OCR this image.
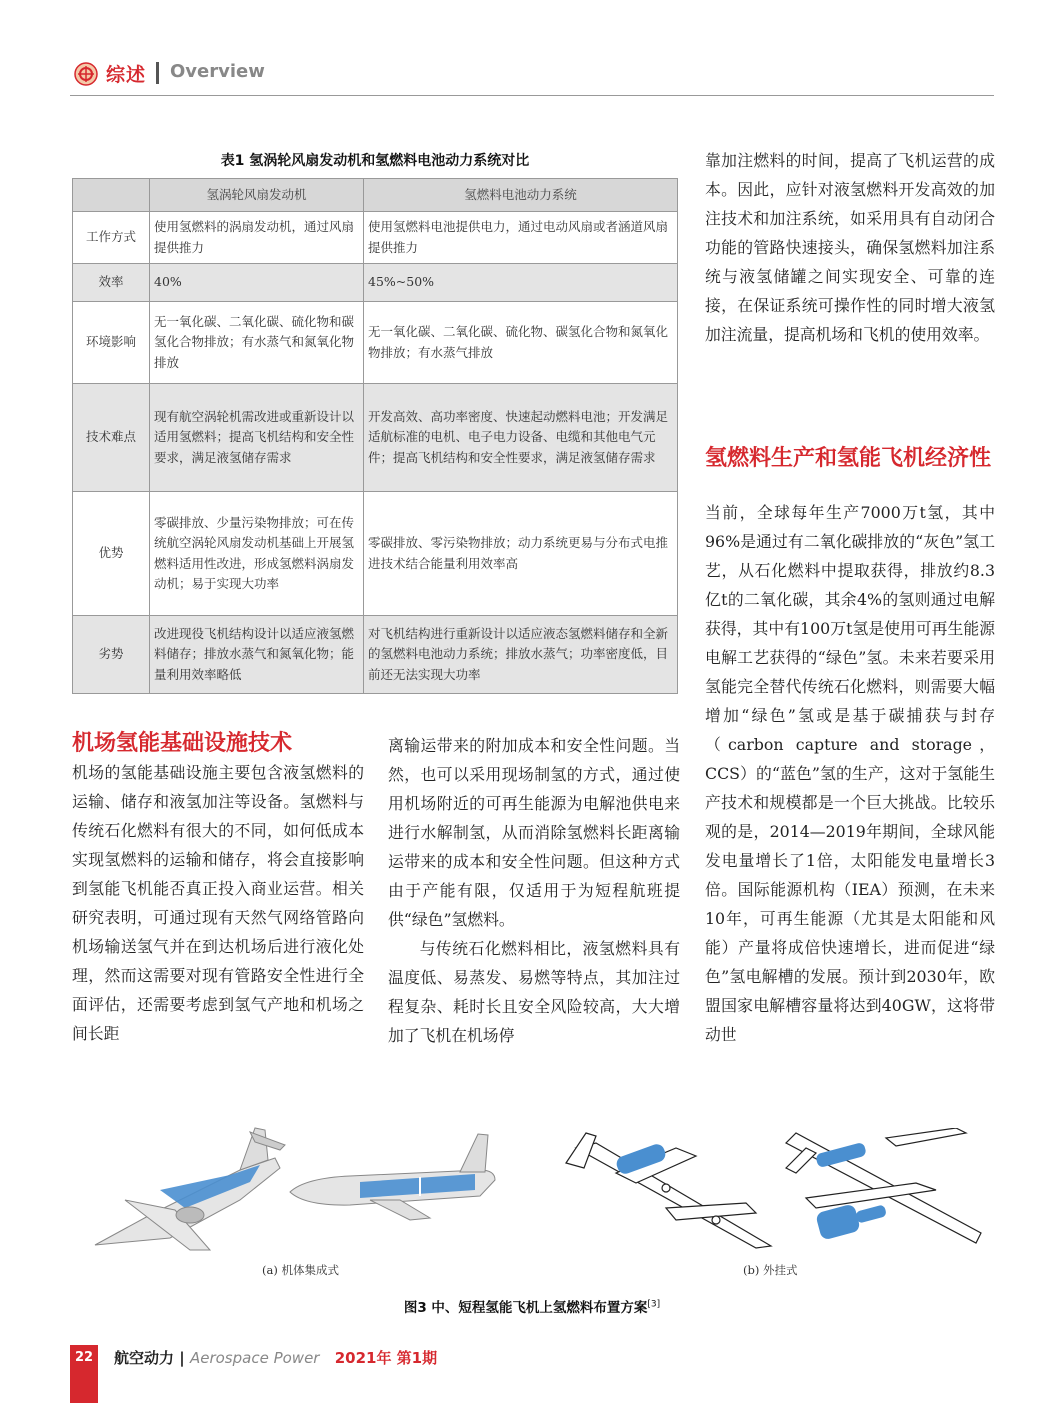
综述 Overview
表1 氢涡轮风扇发动机和氢燃料电池动力系统对比
	氢涡轮风扇发动机	氢燃料电池动力系统
工作方式	使用氢燃料的涡扇发动机，通过风扇提供推力	使用氢燃料电池提供电力，通过电动风扇或者涵道风扇提供推力
效率	40%	45%~50%
环境影响	无一氧化碳、二氧化碳、硫化物和碳氢化合物排放；有水蒸气和氮氧化物排放	无一氧化碳、二氧化碳、硫化物、碳氢化合物和氮氧化物排放；有水蒸气排放
技术难点	现有航空涡轮机需改进或重新设计以适用氢燃料；提高飞机结构和安全性要求，满足液氢储存需求	开发高效、高功率密度、快速起动燃料电池；开发满足适航标准的电机、电子电力设备、电缆和其他电气元件；提高飞机结构和安全性要求，满足液氢储存需求
优势	零碳排放、少量污染物排放；可在传统航空涡轮风扇发动机基础上开展氢燃料适用性改进，形成氢燃料涡扇发动机；易于实现大功率	零碳排放、零污染物排放；动力系统更易与分布式电推进技术结合能量利用效率高
劣势	改进现役飞机结构设计以适应液氢燃料储存；排放水蒸气和氮氧化物；能量利用效率略低	对飞机结构进行重新设计以适应液态氢燃料储存和全新的氢燃料电池动力系统；排放水蒸气；功率密度低，目前还无法实现大功率
机场氢能基础设施技术

机场的氢能基础设施主要包含液氢燃料的运输、储存和液氢加注等设备。氢燃料与传统石化燃料有很大的不同，如何低成本实现氢燃料的运输和储存，将会直接影响到氢能飞机能否真正投入商业运营。相关研究表明，可通过现有天然气网络管路向机场输送氢气并在到达机场后进行液化处理，然而这需要对现有管路安全性进行全面评估，还需要考虑到氢气产地和机场之间长距

离输运带来的附加成本和安全性问题。当然，也可以采用现场制氢的方式，通过使用机场附近的可再生能源为电解池供电来进行水解制氢，从而消除氢燃料长距离输运带来的成本和安全性问题。但这种方式由于产能有限，仅适用于为短程航班提供“绿色”氢燃料。

与传统石化燃料相比，液氢燃料具有温度低、易蒸发、易燃等特点，其加注过程复杂、耗时长且安全风险较高，大大增加了飞机在机场停

靠加注燃料的时间，提高了飞机运营的成本。因此，应针对液氢燃料开发高效的加注技术和加注系统，如采用具有自动闭合功能的管路快速接头，确保氢燃料加注系统与液氢储罐之间实现安全、可靠的连接，在保证系统可操作性的同时增大液氢加注流量，提高机场和飞机的使用效率。

氢燃料生产和氢能飞机经济性

当前，全球每年生产7000万t氢，其中96%是通过有二氧化碳排放的“灰色”氢工艺，从石化燃料中提取获得，排放约8.3亿t的二氧化碳，其余4%的氢则通过电解获得，其中有100万t氢是使用可再生能源电解工艺获得的“绿色”氢。未来若要采用氢能完全替代传统石化燃料，则需要大幅增加“绿色”氢或是基于碳捕获与封存（carbon capture and storage，CCS）的“蓝色”氢的生产，这对于氢能生产技术和规模都是一个巨大挑战。比较乐观的是，2014—2019年期间，全球风能发电量增长了1倍，太阳能发电量增长3倍。国际能源机构（IEA）预测，在未来10年，可再生能源（尤其是太阳能和风能）产量将成倍快速增长，进而促进“绿色”氢电解槽的发展。预计到2030年，欧盟国家电解槽容量将达到40GW，这将带动世

(a) 机体集成式	(b) 外挂式
图3 中、短程氢能飞机上氢燃料布置方案[3]
22	航空动力 | Aerospace Power 2021年 第1期
